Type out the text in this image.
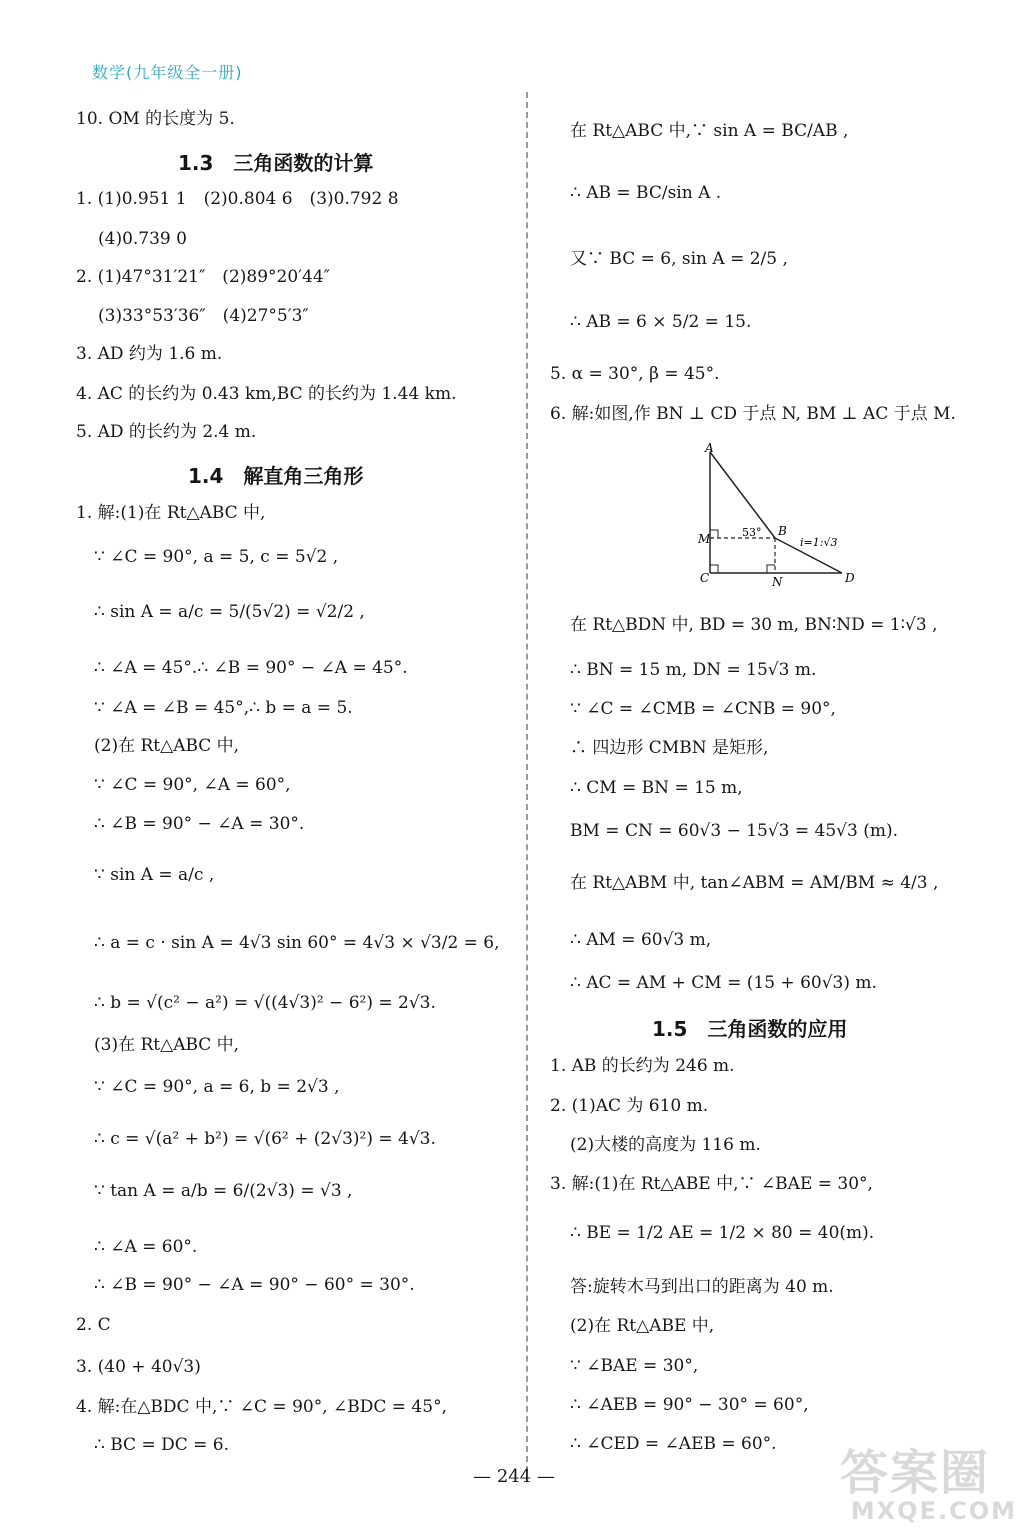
数学(九年级全一册)
10. OM 的长度为 5.
1.3　三角函数的计算
1. (1)0.951 1　(2)0.804 6　(3)0.792 8
(4)0.739 0
2. (1)47°31′21″　(2)89°20′44″
(3)33°53′36″　(4)27°5′3″
3. AD 约为 1.6 m.
4. AC 的长约为 0.43 km,BC 的长约为 1.44 km.
5. AD 的长约为 2.4 m.
1.4　解直角三角形
1. 解:(1)在 Rt△ABC 中,
∵ ∠C = 90°, a = 5, c = 5√2 ,
∴ sin A = a/c = 5/(5√2) = √2/2 ,
∴ ∠A = 45°.∴ ∠B = 90° − ∠A = 45°.
∵ ∠A = ∠B = 45°,∴ b = a = 5.
(2)在 Rt△ABC 中,
∵ ∠C = 90°, ∠A = 60°,
∴ ∠B = 90° − ∠A = 30°.
∵ sin A = a/c ,
∴ a = c · sin A = 4√3 sin 60° = 4√3 × √3/2 = 6,
∴ b = √(c² − a²) = √((4√3)² − 6²) = 2√3.
(3)在 Rt△ABC 中,
∵ ∠C = 90°, a = 6, b = 2√3 ,
∴ c = √(a² + b²) = √(6² + (2√3)²) = 4√3.
∵ tan A = a/b = 6/(2√3) = √3 ,
∴ ∠A = 60°.
∴ ∠B = 90° − ∠A = 90° − 60° = 30°.
2. C
3. (40 + 40√3)
4. 解:在△BDC 中,∵ ∠C = 90°, ∠BDC = 45°,
∴ BC = DC = 6.
在 Rt△ABC 中,∵ sin A = BC/AB ,
∴ AB = BC/sin A .
又∵ BC = 6, sin A = 2/5 ,
∴ AB = 6 × 5/2 = 15.
5. α = 30°, β = 45°.
6. 解:如图,作 BN ⊥ CD 于点 N, BM ⊥ AC 于点 M.
A
B
M
C	N	D
53°
i=1:√3
在 Rt△BDN 中, BD = 30 m, BN∶ND = 1∶√3 ,
∴ BN = 15 m, DN = 15√3 m.
∵ ∠C = ∠CMB = ∠CNB = 90°,
∴ 四边形 CMBN 是矩形,
∴ CM = BN = 15 m,
BM = CN = 60√3 − 15√3 = 45√3 (m).
在 Rt△ABM 中, tan∠ABM = AM/BM ≈ 4/3 ,
∴ AM = 60√3 m,
∴ AC = AM + CM = (15 + 60√3) m.
1.5　三角函数的应用
1. AB 的长约为 246 m.
2. (1)AC 为 610 m.
(2)大楼的高度为 116 m.
3. 解:(1)在 Rt△ABE 中,∵ ∠BAE = 30°,
∴ BE = 1/2 AE = 1/2 × 80 = 40(m).
答:旋转木马到出口的距离为 40 m.
(2)在 Rt△ABE 中,
∵ ∠BAE = 30°,
∴ ∠AEB = 90° − 30° = 60°,
∴ ∠CED = ∠AEB = 60°.
— 244 —	答案圈
MXQE.COM
